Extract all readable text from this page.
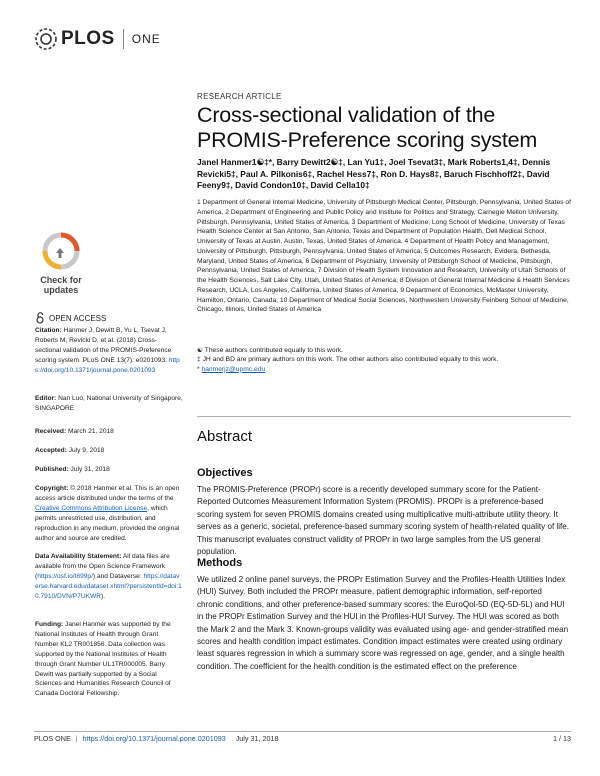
PLOS ONE
Check for
updates
OPEN ACCESS
Citation: Hanmer J, Dewitt B, Yu L, Tsevat J, Roberts M, Revicki D, et al. (2018) Cross-sectional validation of the PROMIS-Preference scoring system. PLoS ONE 13(7): e0201093. https://doi.org/10.1371/journal.pone.0201093
Editor: Nan Luo, National University of Singapore, SINGAPORE
Received: March 21, 2018
Accepted: July 9, 2018
Published: July 31, 2018
Copyright: © 2018 Hanmer et al. This is an open access article distributed under the terms of the Creative Commons Attribution License, which permits unrestricted use, distribution, and reproduction in any medium, provided the original author and source are credited.
Data Availability Statement: All data files are available from the Open Science Framework (https://osf.io/t899p/) and Dataverse: https://dataverse.harvard.edu/dataset.xhtml?persistentId=doi:10.7910/DVN/P7UKWR).
Funding: Janel Hanmer was supported by the National Institutes of Health through Grant Number KL2 TR001856. Data collection was supported by the National Institutes of Health through Grant Number UL1TR000005. Barry Dewitt was partially supported by a Social Sciences and Humanities Research Council of Canada Doctoral Fellowship.
RESEARCH ARTICLE
Cross-sectional validation of the PROMIS-Preference scoring system
Janel Hanmer1☯‡*, Barry Dewitt2☯‡, Lan Yu1‡, Joel Tsevat3‡, Mark Roberts1,4‡, Dennis Revicki5‡, Paul A. Pilkonis6‡, Rachel Hess7‡, Ron D. Hays8‡, Baruch Fischhoff2‡, David Feeny9‡, David Condon10‡, David Cella10‡
1 Department of General Internal Medicine, University of Pittsburgh Medical Center, Pittsburgh, Pennsylvania, United States of America, 2 Department of Engineering and Public Policy and Institute for Politics and Strategy, Carnegie Mellon University, Pittsburgh, Pennsylvania, United States of America, 3 Department of Medicine, Long School of Medicine, University of Texas Health Science Center at San Antonio, San Antonio, Texas and Department of Population Health, Dell Medical School, University of Texas at Austin, Austin, Texas, United States of America, 4 Department of Health Policy and Management, University of Pittsburgh, Pittsburgh, Pennsylvania, United States of America, 5 Outcomes Research, Evidera, Bethesda, Maryland, United States of America, 6 Department of Psychiatry, University of Pittsburgh School of Medicine, Pittsburgh, Pennsylvania, United States of America, 7 Division of Health System Innovation and Research, University of Utah Schools of the Health Sciences, Salt Lake City, Utah, United States of America, 8 Division of General Internal Medicine & Health Services Research, UCLA, Los Angeles, California, United States of America, 9 Department of Economics, McMaster University, Hamilton, Ontario, Canada, 10 Department of Medical Social Sciences, Northwestern University Feinberg School of Medicine, Chicago, Illinois, United States of America
☯ These authors contributed equally to this work.
‡ JH and BD are primary authors on this work. The other authors also contributed equally to this work.
* hanmerjz@upmc.edu
Abstract
Objectives
The PROMIS-Preference (PROPr) score is a recently developed summary score for the Patient-Reported Outcomes Measurement Information System (PROMIS). PROPr is a preference-based scoring system for seven PROMIS domains created using multiplicative multi-attribute utility theory. It serves as a generic, societal, preference-based summary scoring system of health-related quality of life. This manuscript evaluates construct validity of PROPr in two large samples from the US general population.
Methods
We utilized 2 online panel surveys, the PROPr Estimation Survey and the Profiles-Health Utilities Index (HUI) Survey. Both included the PROPr measure, patient demographic information, self-reported chronic conditions, and other preference-based summary scores: the EuroQol-5D (EQ-5D-5L) and HUI in the PROPr Estimation Survey and the HUI in the Profiles-HUI Survey. The HUI was scored as both the Mark 2 and the Mark 3. Known-groups validity was evaluated using age- and gender-stratified mean scores and health condition impact estimates. Condition impact estimates were created using ordinary least squares regression in which a summary score was regressed on age, gender, and a single health condition. The coefficient for the health condition is the estimated effect on the preference
PLOS ONE | https://doi.org/10.1371/journal.pone.0201093 July 31, 2018	1 / 13
